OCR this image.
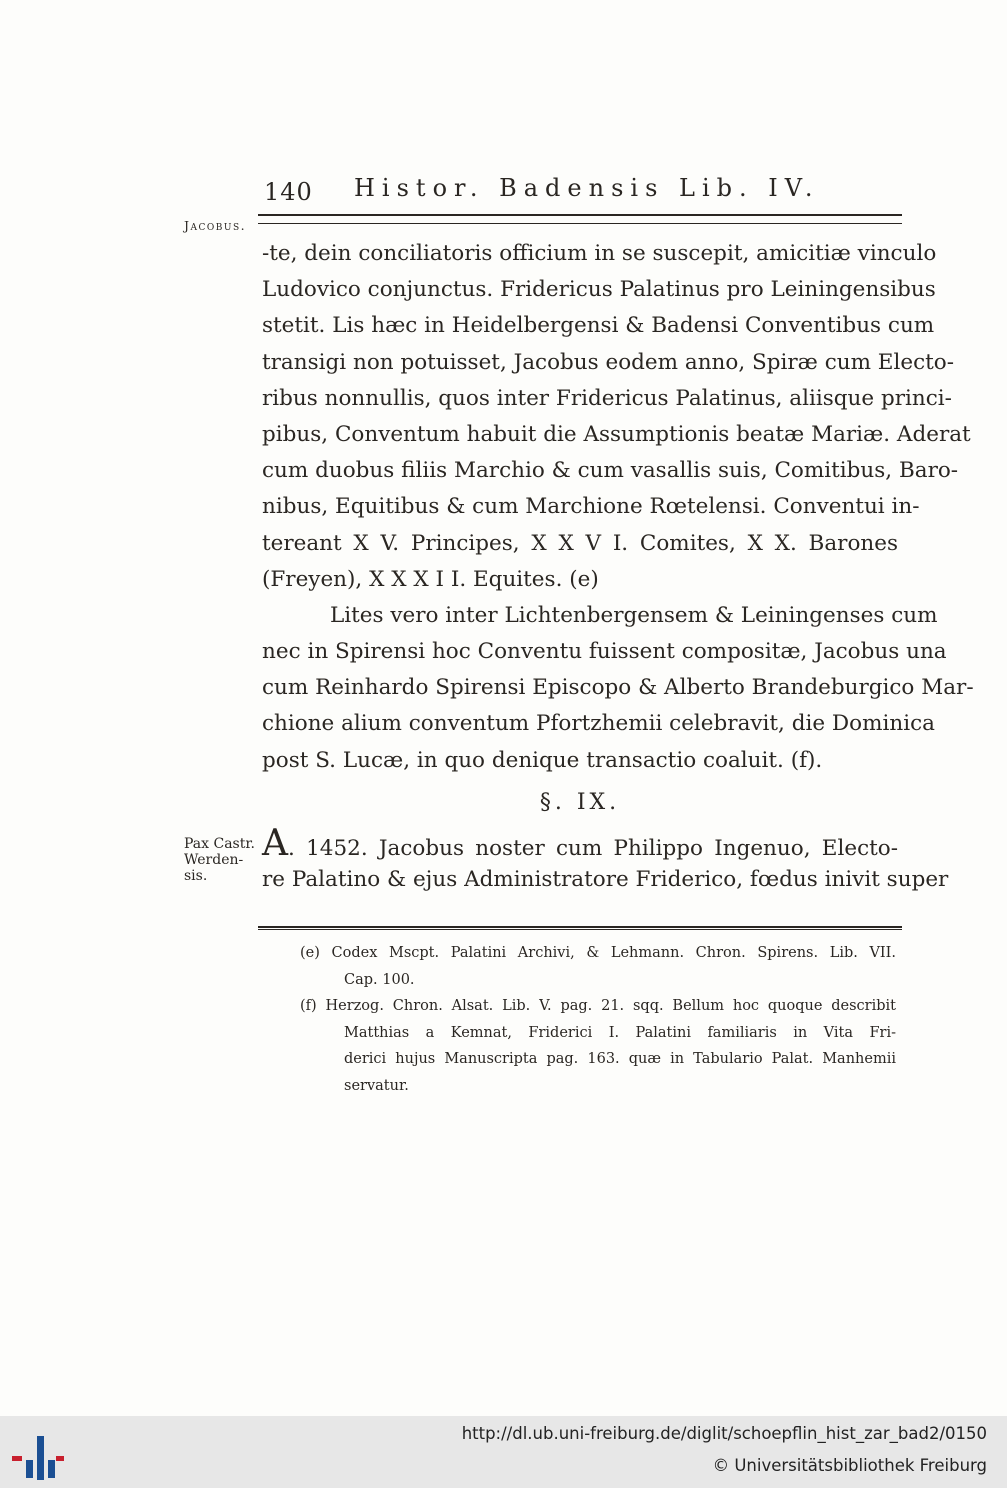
140 Histor. Badensis Lib. IV.
Jacobus.
-te, dein conciliatoris officium in se suscepit, amicitiæ vinculo
Ludovico conjunctus. Fridericus Palatinus pro Leiningensibus
stetit. Lis hæc in Heidelbergensi & Badensi Conventibus cum
transigi non potuisset, Jacobus eodem anno, Spiræ cum Electo-
ribus nonnullis, quos inter Fridericus Palatinus, aliisque princi-
pibus, Conventum habuit die Assumptionis beatæ Mariæ. Aderat
cum duobus filiis Marchio & cum vasallis suis, Comitibus, Baro-
nibus, Equitibus & cum Marchione Rœtelensi. Conventui in-
tereant X V. Principes, X X V I. Comites, X X. Barones
(Freyen), X X X I I. Equites. (e)
Lites vero inter Lichtenbergensem & Leiningenses cum
nec in Spirensi hoc Conventu fuissent compositæ, Jacobus una
cum Reinhardo Spirensi Episcopo & Alberto Brandeburgico Mar-
chione alium conventum Pfortzhemii celebravit, die Dominica
post S. Lucæ, in quo denique transactio coaluit. (f).
§. IX.
Pax Castr.
Werden-
sis.
A. 1452. Jacobus noster cum Philippo Ingenuo, Electo-
re Palatino & ejus Administratore Friderico, fœdus inivit super
(e) Codex Mscpt. Palatini Archivi, & Lehmann. Chron. Spirens. Lib. VII.
Cap. 100.
(f) Herzog. Chron. Alsat. Lib. V. pag. 21. sqq. Bellum hoc quoque describit
Matthias a Kemnat, Friderici I. Palatini familiaris in Vita Fri-
derici hujus Manuscripta pag. 163. quæ in Tabulario Palat. Manhemii
servatur.
http://dl.ub.uni-freiburg.de/diglit/schoepflin_hist_zar_bad2/0150
© Universitätsbibliothek Freiburg
